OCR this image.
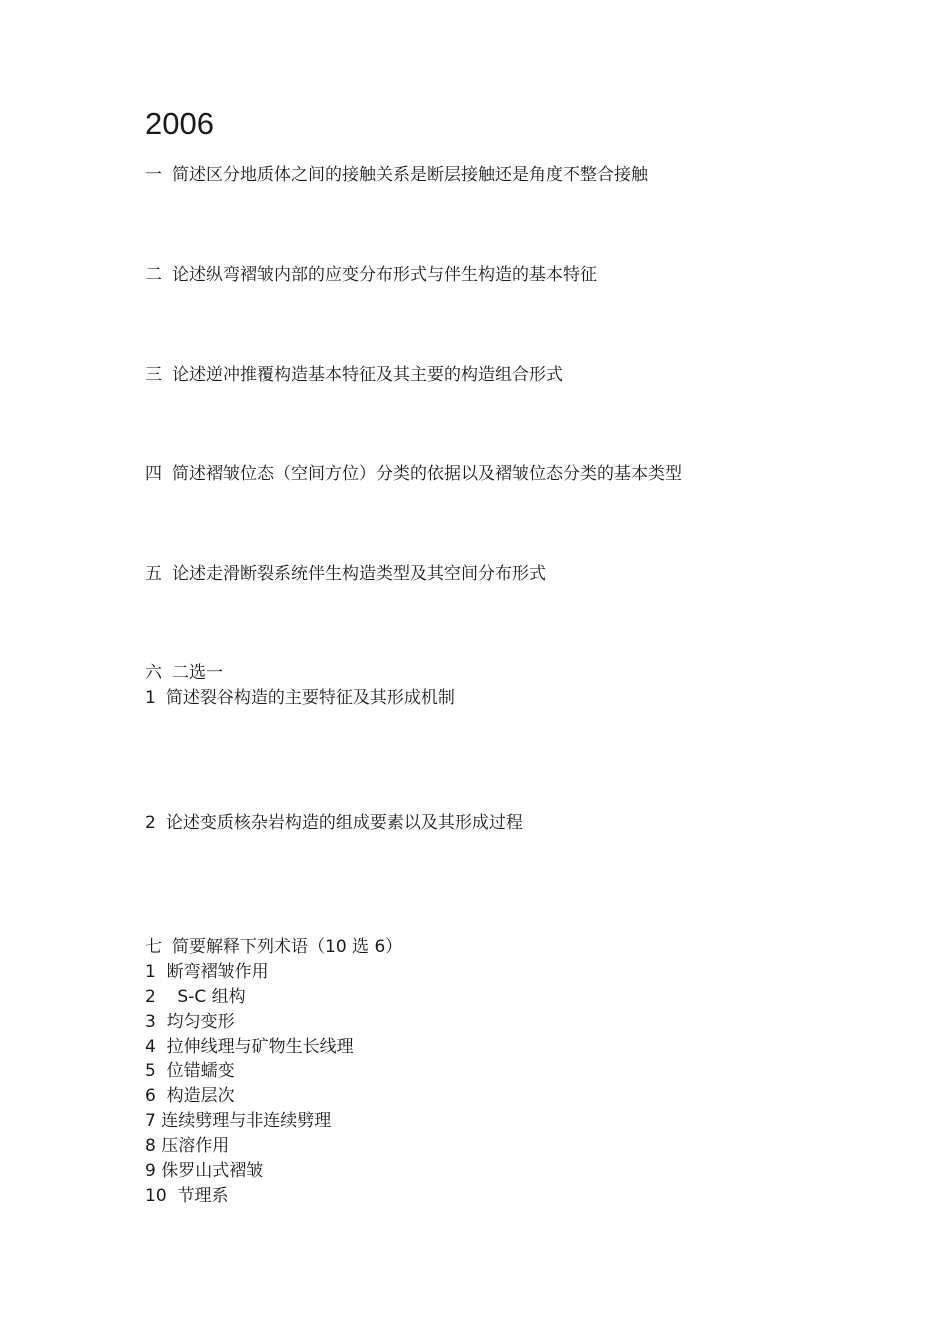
2006
一 简述区分地质体之间的接触关系是断层接触还是角度不整合接触
二 论述纵弯褶皱内部的应变分布形式与伴生构造的基本特征
三 论述逆冲推覆构造基本特征及其主要的构造组合形式
四 简述褶皱位态（空间方位）分类的依据以及褶皱位态分类的基本类型
五 论述走滑断裂系统伴生构造类型及其空间分布形式
六 二选一
1 简述裂谷构造的主要特征及其形成机制
2 论述变质核杂岩构造的组成要素以及其形成过程
七 简要解释下列术语（10 选 6）
1  断弯褶皱作用
2    S-C 组构
3  均匀变形
4  拉伸线理与矿物生长线理
5  位错蠕变
6  构造层次
7 连续劈理与非连续劈理
8 压溶作用
9 侏罗山式褶皱
10  节理系
